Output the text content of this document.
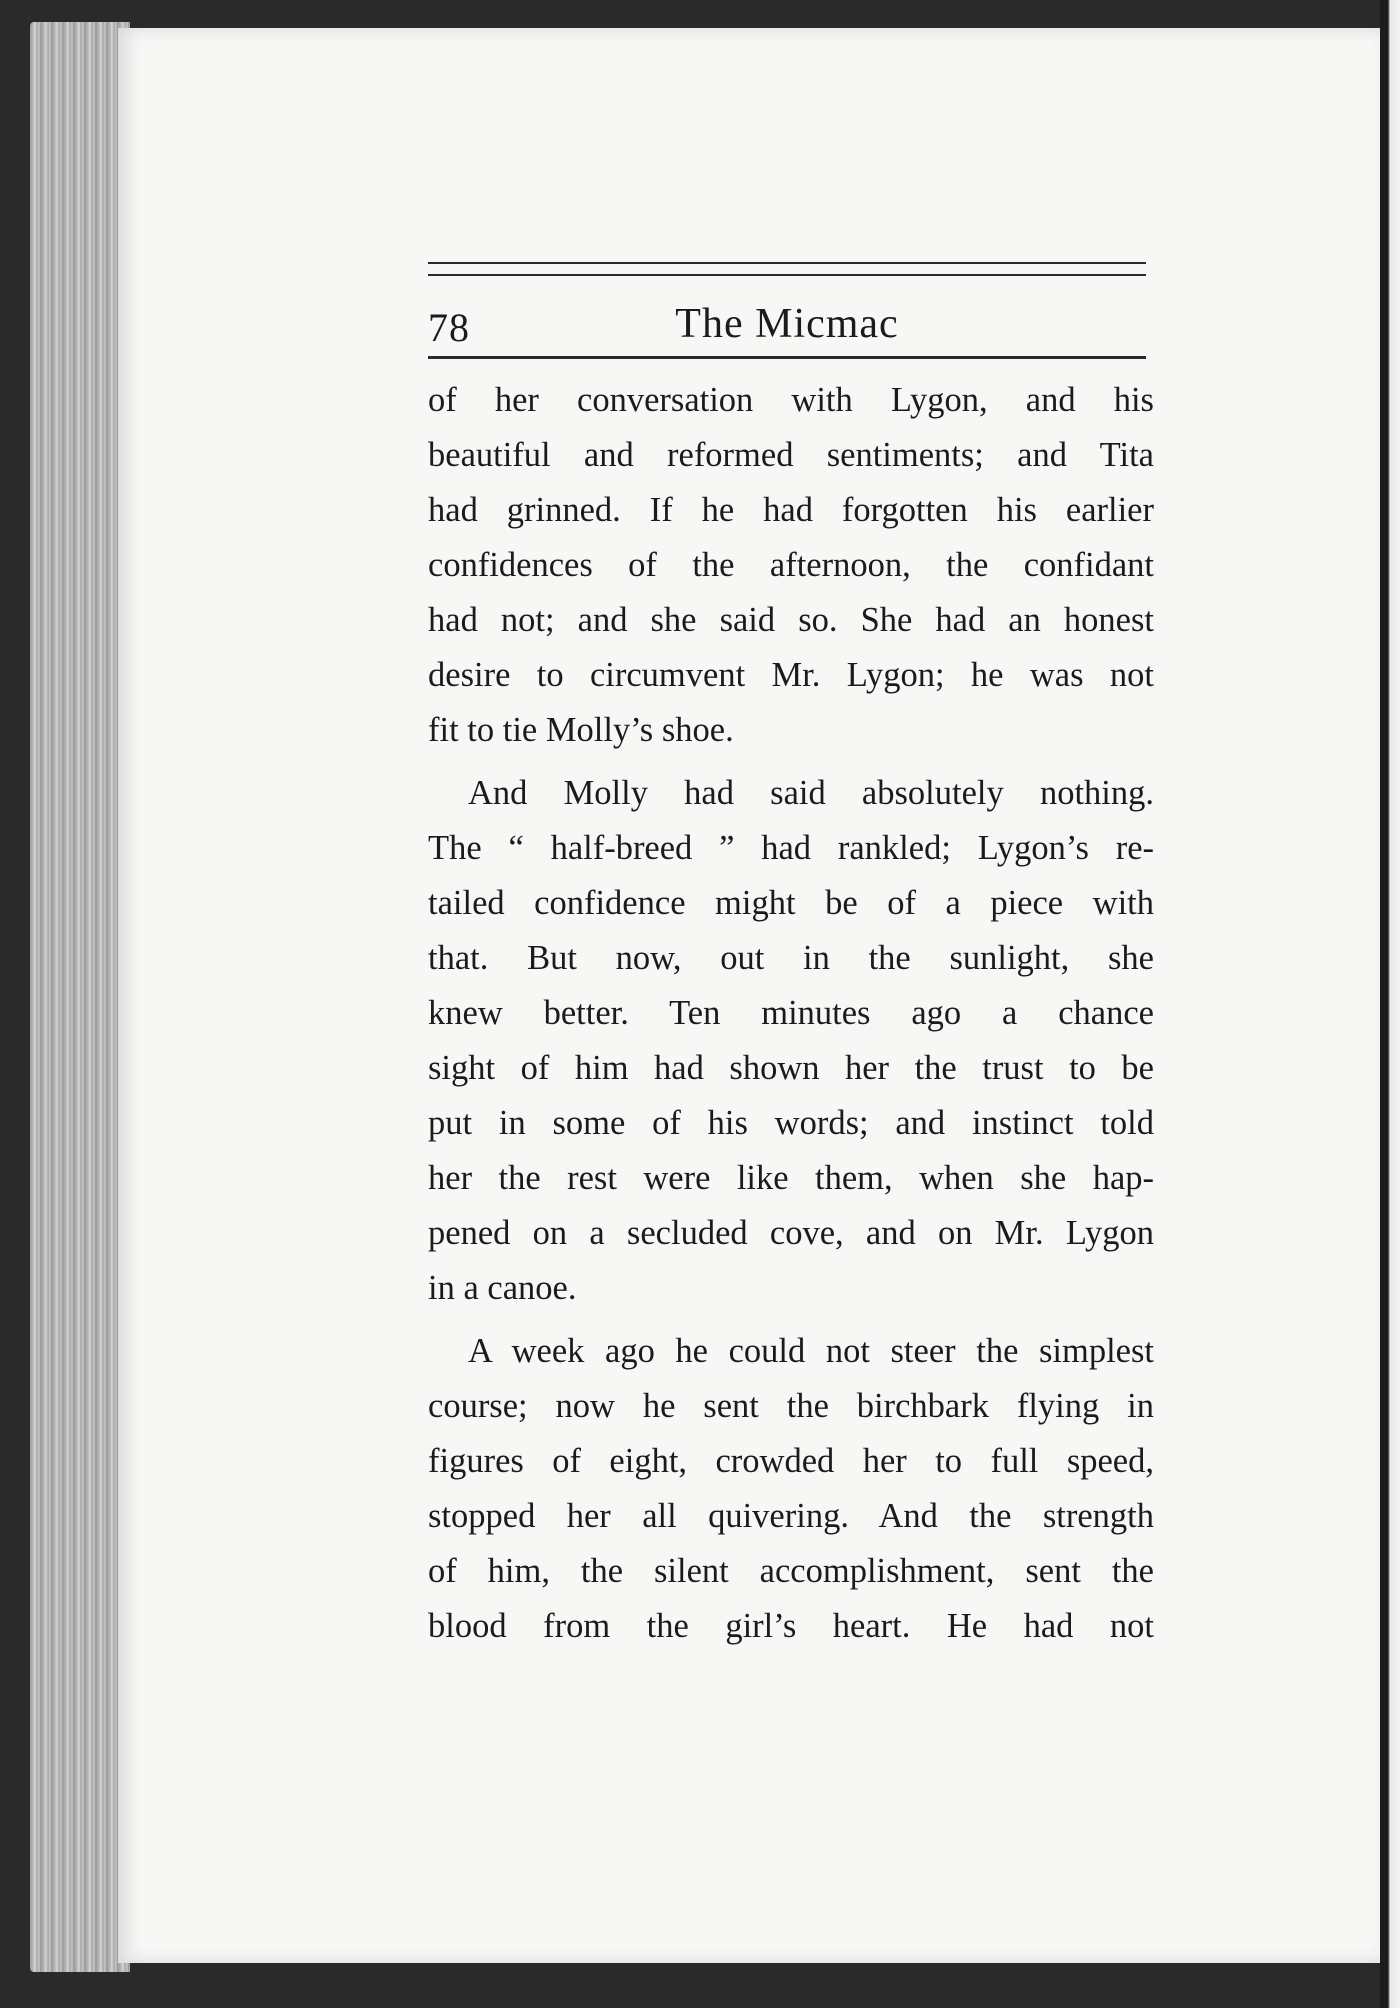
78	The Micmac
of her conversation with Lygon, and his
beautiful and reformed sentiments; and Tita
had grinned. If he had forgotten his earlier
confidences of the afternoon, the confidant
had not; and she said so. She had an honest
desire to circumvent Mr. Lygon; he was not
fit to tie Molly’s shoe.
And Molly had said absolutely nothing.
The “ half-breed ” had rankled; Lygon’s re-
tailed confidence might be of a piece with
that. But now, out in the sunlight, she
knew better. Ten minutes ago a chance
sight of him had shown her the trust to be
put in some of his words; and instinct told
her the rest were like them, when she hap-
pened on a secluded cove, and on Mr. Lygon
in a canoe.
A week ago he could not steer the simplest
course; now he sent the birchbark flying in
figures of eight, crowded her to full speed,
stopped her all quivering. And the strength
of him, the silent accomplishment, sent the
blood from the girl’s heart. He had not
